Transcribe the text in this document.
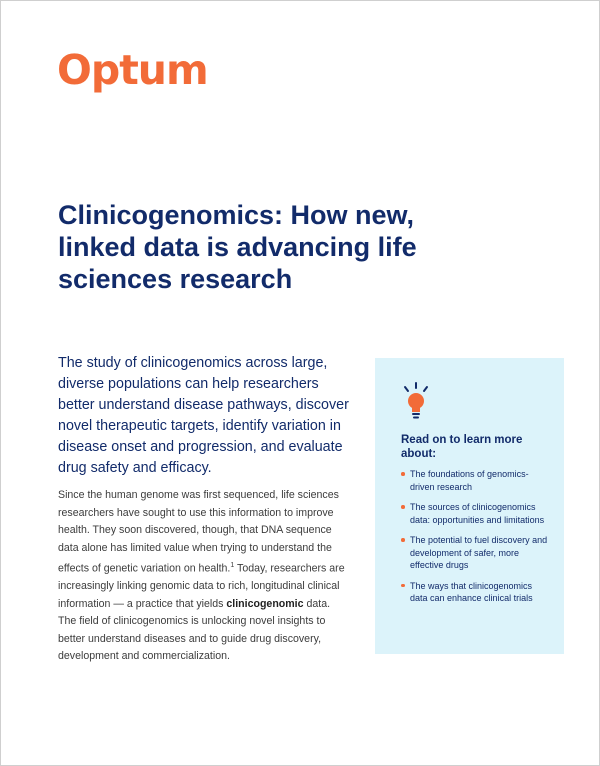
Optum
Clinicogenomics: How new, linked data is advancing life sciences research

The study of clinicogenomics across large, diverse populations can help researchers better understand disease pathways, discover novel therapeutic targets, identify variation in disease onset and progression, and evaluate drug safety and efficacy.

Since the human genome was first sequenced, life sciences researchers have sought to use this information to improve health. They soon discovered, though, that DNA sequence data alone has limited value when trying to understand the effects of genetic variation on health.$^1$ Today, researchers are increasingly linking genomic data to rich, longitudinal clinical information — a practice that yields clinicogenomic data. The field of clinicogenomics is unlocking novel insights to better understand diseases and to guide drug discovery, development and commercialization.

Read on to learn more about:
The foundations of genomics-driven research
The sources of clinicogenomics data: opportunities and limitations
The potential to fuel discovery and development of safer, more effective drugs
The ways that clinicogenomics data can enhance clinical trials
